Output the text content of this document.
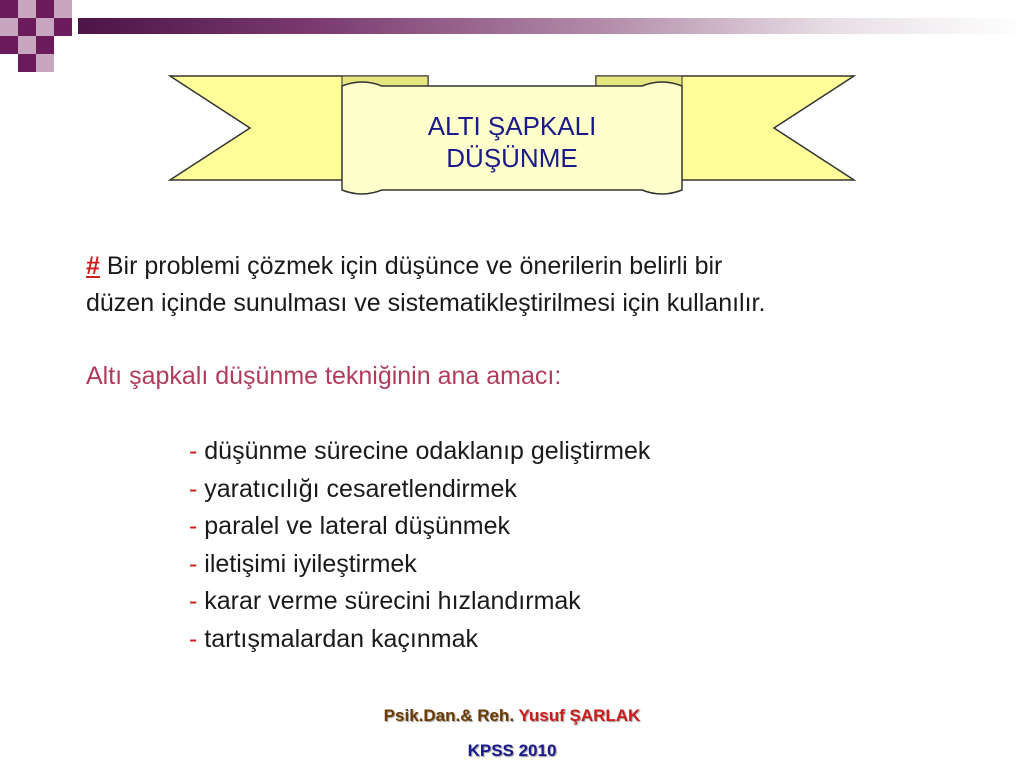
ALTI ŞAPKALI
DÜŞÜNME
# Bir problemi çözmek için düşünce ve önerilerin belirli bir
düzen içinde sunulması ve sistematikleştirilmesi için kullanılır.
Altı şapkalı düşünme tekniğinin ana amacı:
- düşünme sürecine odaklanıp geliştirmek
- yaratıcılığı cesaretlendirmek
- paralel ve lateral düşünmek
- iletişimi iyileştirmek
- karar verme sürecini hızlandırmak
- tartışmalardan kaçınmak
Psik.Dan.& Reh. Yusuf ŞARLAK
KPSS 2010
